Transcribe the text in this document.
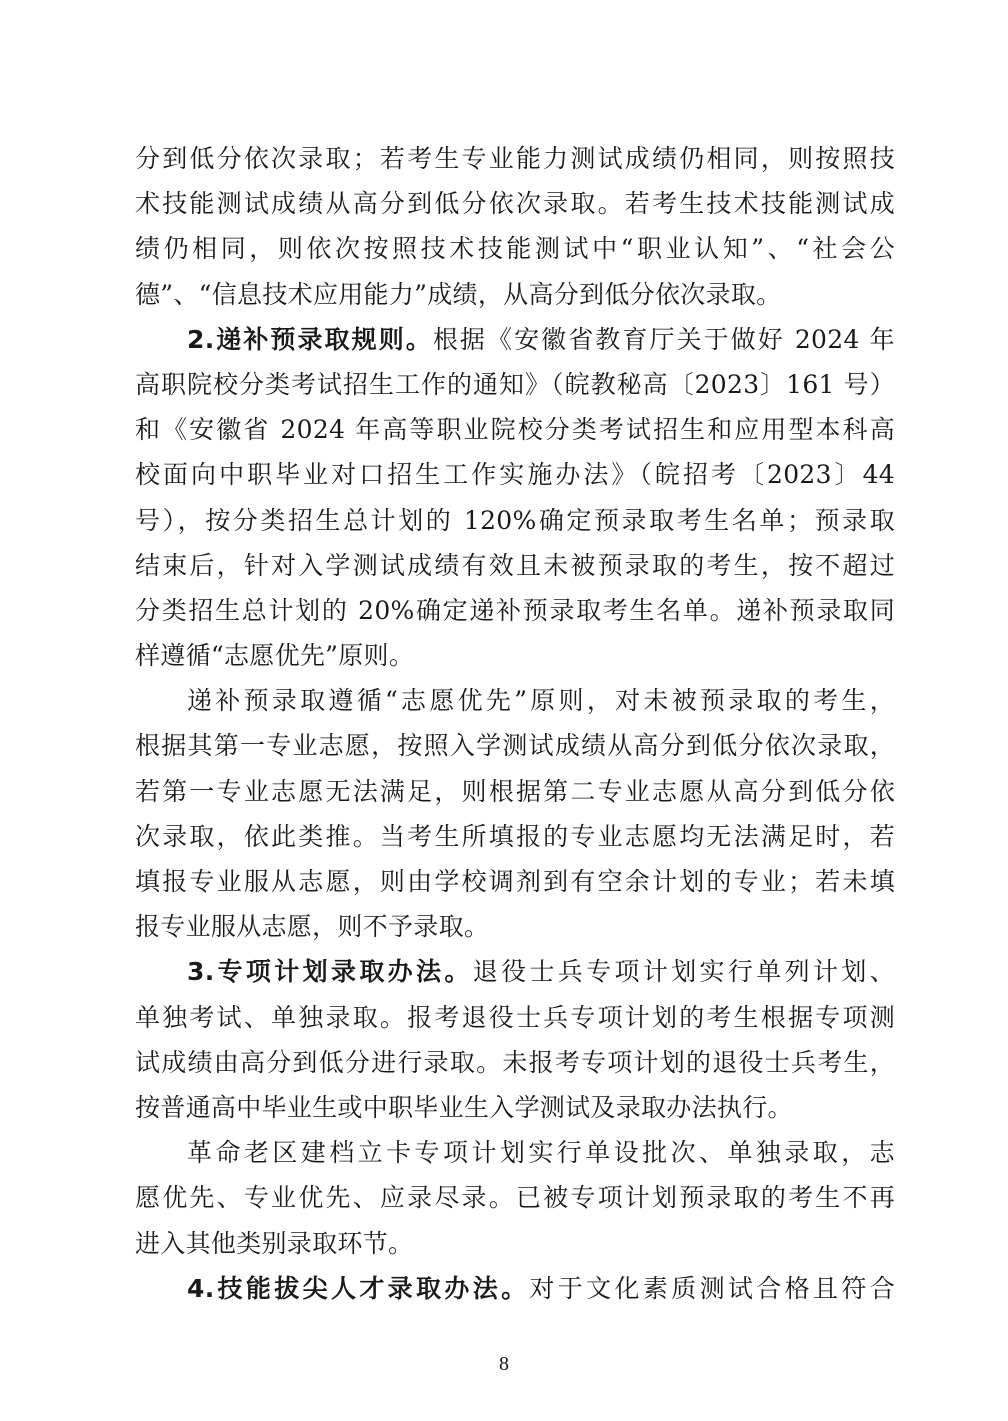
分到低分依次录取；若考生专业能力测试成绩仍相同，则按照技
术技能测试成绩从高分到低分依次录取。若考生技术技能测试成
绩仍相同，则依次按照技术技能测试中“职业认知”、“社会公
德”、“信息技术应用能力”成绩，从高分到低分依次录取。
2.递补预录取规则。根据《安徽省教育厅关于做好 2024 年
高职院校分类考试招生工作的通知》（皖教秘高〔2023〕161 号）
和《安徽省 2024 年高等职业院校分类考试招生和应用型本科高
校面向中职毕业对口招生工作实施办法》（皖招考〔2023〕44
号），按分类招生总计划的 120%确定预录取考生名单；预录取
结束后，针对入学测试成绩有效且未被预录取的考生，按不超过
分类招生总计划的 20%确定递补预录取考生名单。递补预录取同
样遵循“志愿优先”原则。
递补预录取遵循“志愿优先”原则，对未被预录取的考生，
根据其第一专业志愿，按照入学测试成绩从高分到低分依次录取，
若第一专业志愿无法满足，则根据第二专业志愿从高分到低分依
次录取，依此类推。当考生所填报的专业志愿均无法满足时，若
填报专业服从志愿，则由学校调剂到有空余计划的专业；若未填
报专业服从志愿，则不予录取。
3.专项计划录取办法。退役士兵专项计划实行单列计划、
单独考试、单独录取。报考退役士兵专项计划的考生根据专项测
试成绩由高分到低分进行录取。未报考专项计划的退役士兵考生，
按普通高中毕业生或中职毕业生入学测试及录取办法执行。
革命老区建档立卡专项计划实行单设批次、单独录取，志
愿优先、专业优先、应录尽录。已被专项计划预录取的考生不再
进入其他类别录取环节。
4.技能拔尖人才录取办法。对于文化素质测试合格且符合
8
